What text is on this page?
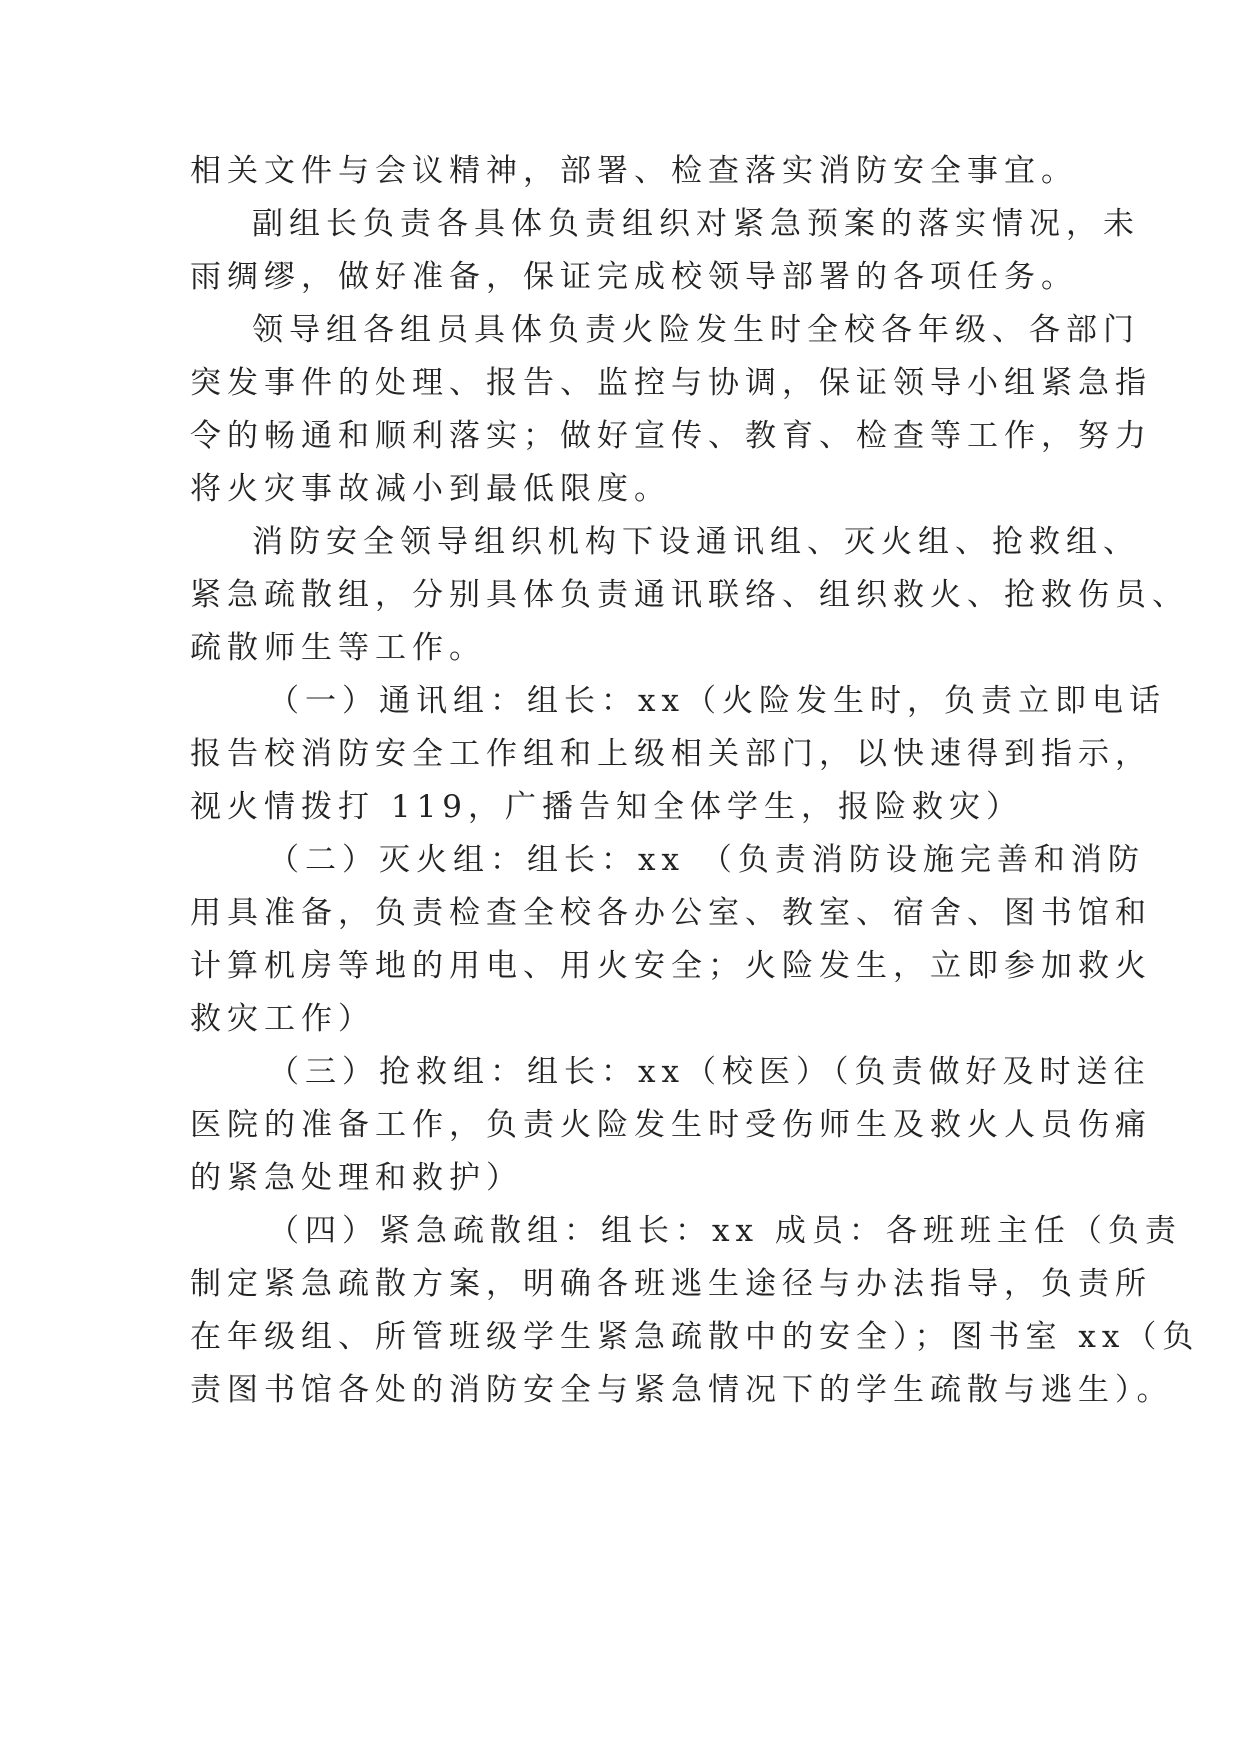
相关文件与会议精神，部署、检查落实消防安全事宜。
副组长负责各具体负责组织对紧急预案的落实情况，未
雨绸缪，做好准备，保证完成校领导部署的各项任务。
领导组各组员具体负责火险发生时全校各年级、各部门
突发事件的处理、报告、监控与协调，保证领导小组紧急指
令的畅通和顺利落实；做好宣传、教育、检查等工作，努力
将火灾事故减小到最低限度。
消防安全领导组织机构下设通讯组、灭火组、抢救组、
紧急疏散组，分别具体负责通讯联络、组织救火、抢救伤员、
疏散师生等工作。
（一）通讯组：组长：xx（火险发生时，负责立即电话
报告校消防安全工作组和上级相关部门，以快速得到指示，
视火情拨打 119，广播告知全体学生，报险救灾）
（二）灭火组：组长：xx （负责消防设施完善和消防
用具准备，负责检查全校各办公室、教室、宿舍、图书馆和
计算机房等地的用电、用火安全；火险发生，立即参加救火
救灾工作）
（三）抢救组：组长：xx（校医）（负责做好及时送往
医院的准备工作，负责火险发生时受伤师生及救火人员伤痛
的紧急处理和救护）
（四）紧急疏散组：组长：xx 成员：各班班主任（负责
制定紧急疏散方案，明确各班逃生途径与办法指导，负责所
在年级组、所管班级学生紧急疏散中的安全）；图书室 xx（负
责图书馆各处的消防安全与紧急情况下的学生疏散与逃生）。
